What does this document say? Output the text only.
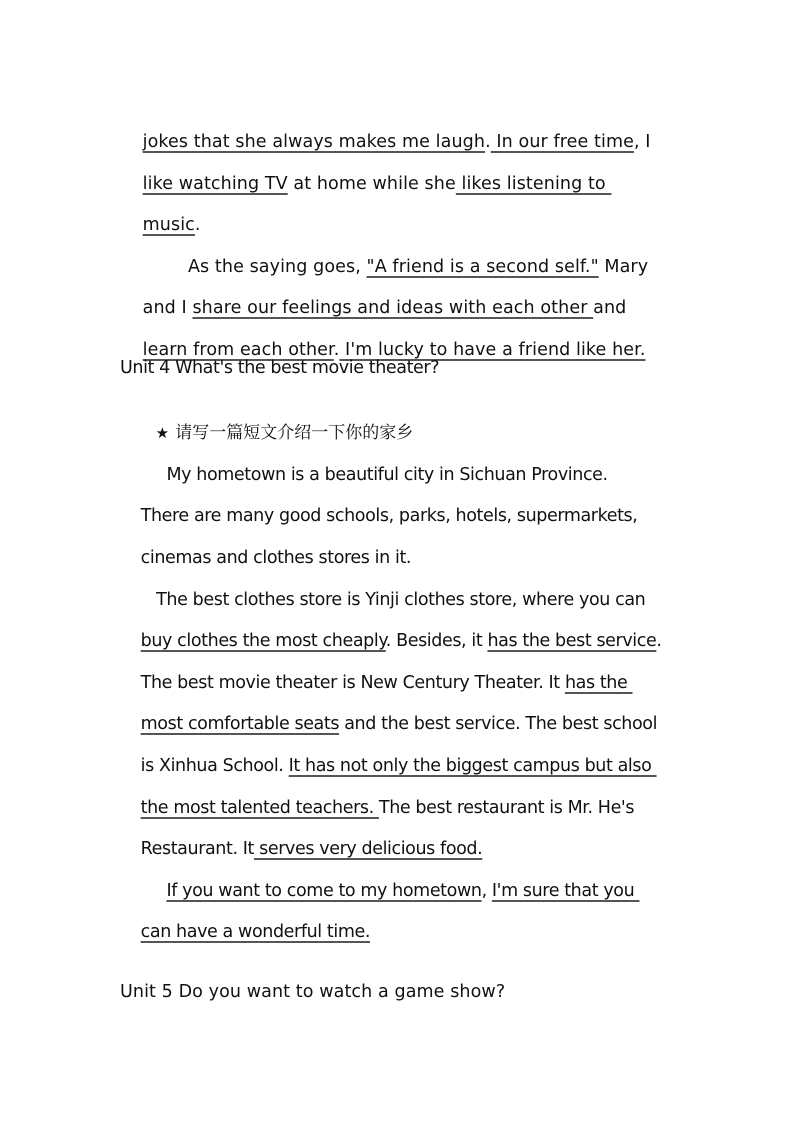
jokes that she always makes me laugh. In our free time, I

like watching TV at home while she likes listening to

music.

As the saying goes, "A friend is a second self." Mary

and I share our feelings and ideas with each other and

learn from each other. I'm lucky to have a friend like her.

Unit 4 What's the best movie theater?

★ 请写一篇短文介绍一下你的家乡

My hometown is a beautiful city in Sichuan Province.

There are many good schools, parks, hotels, supermarkets,

cinemas and clothes stores in it.

The best clothes store is Yinji clothes store, where you can

buy clothes the most cheaply. Besides, it has the best service.

The best movie theater is New Century Theater. It has the

most comfortable seats and the best service. The best school

is Xinhua School. It has not only the biggest campus but also

the most talented teachers. The best restaurant is Mr. He's

Restaurant. It serves very delicious food.

If you want to come to my hometown, I'm sure that you

can have a wonderful time.

Unit 5 Do you want to watch a game show?
